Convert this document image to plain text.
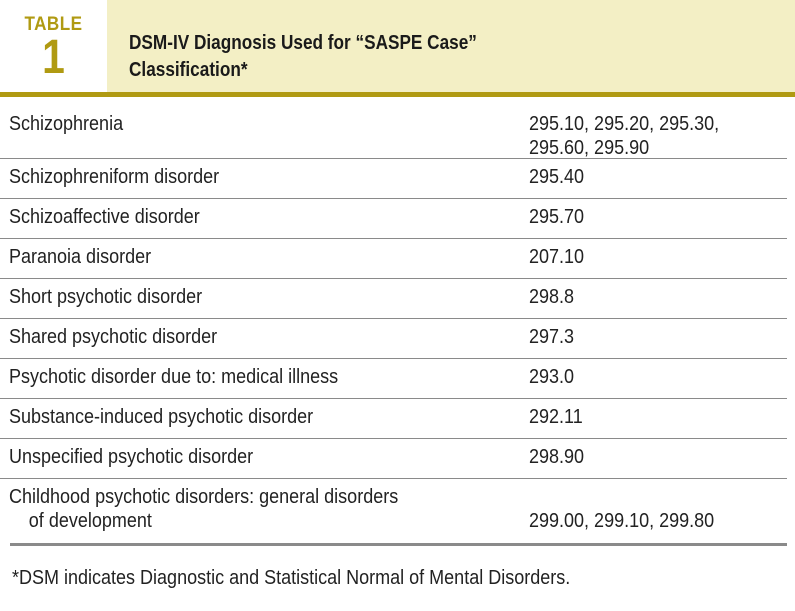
TABLE
1	DSM-IV Diagnosis Used for “SASPE Case”
Classification*
Schizophrenia	295.10, 295.20, 295.30,
295.60, 295.90
Schizophreniform disorder	295.40
Schizoaffective disorder	295.70
Paranoia disorder	207.10
Short psychotic disorder	298.8
Shared psychotic disorder	297.3
Psychotic disorder due to: medical illness	293.0
Substance-induced psychotic disorder	292.11
Unspecified psychotic disorder	298.90
Childhood psychotic disorders: general disorders
of development	299.00, 299.10, 299.80
*DSM indicates Diagnostic and Statistical Normal of Mental Disorders.
